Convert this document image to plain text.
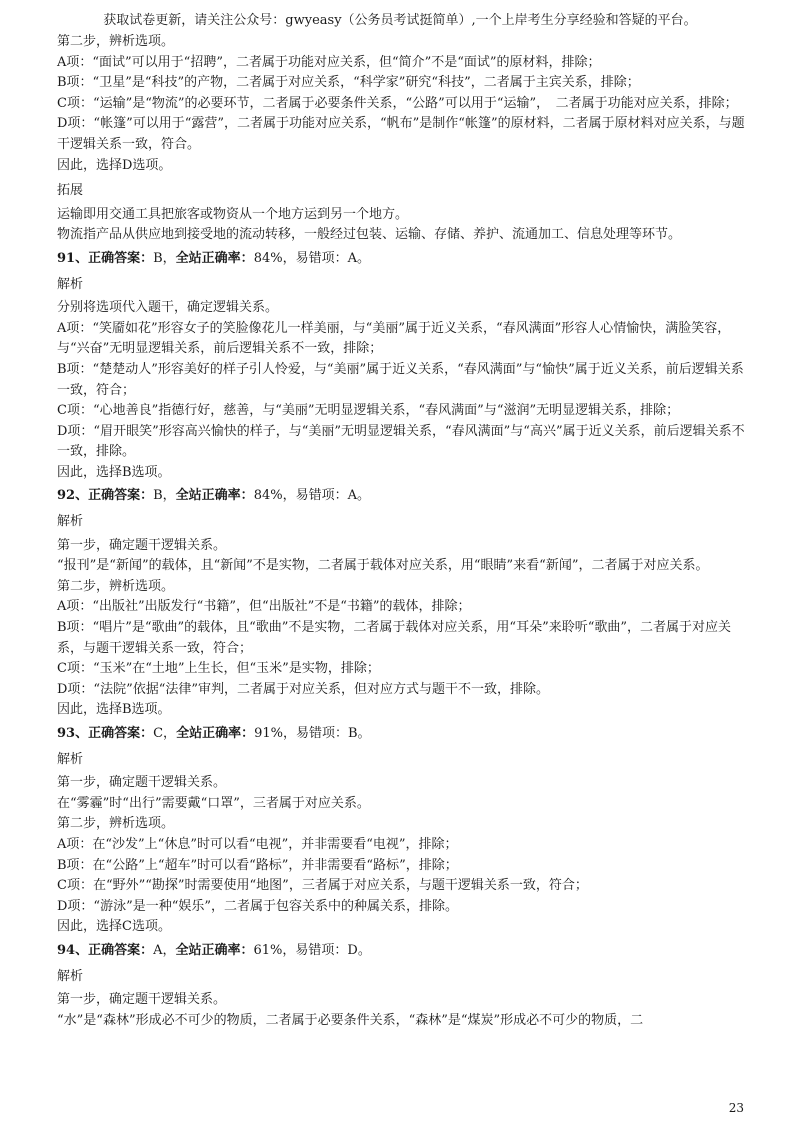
获取试卷更新，请关注公众号：gwyeasy（公务员考试挺简单）,一个上岸考生分享经验和答疑的平台。

第二步，辨析选项。

A项：“面试”可以用于“招聘”，二者属于功能对应关系，但“简介”不是“面试”的原材料，排除；

B项：“卫星”是“科技”的产物，二者属于对应关系，“科学家”研究“科技”，二者属于主宾关系，排除；

C项：“运输”是“物流”的必要环节，二者属于必要条件关系，“公路”可以用于“运输”，　二者属于功能对应关系，排除；

D项：“帐篷”可以用于“露营”，二者属于功能对应关系，“帆布”是制作“帐篷”的原材料，二者属于原材料对应关系，与题干逻辑关系一致，符合。

因此，选择D选项。

拓展

运输即用交通工具把旅客或物资从一个地方运到另一个地方。

物流指产品从供应地到接受地的流动转移，一般经过包装、运输、存储、养护、流通加工、信息处理等环节。

91、正确答案：B，全站正确率：84%，易错项：A。

解析

分别将选项代入题干，确定逻辑关系。

A项：“笑靥如花”形容女子的笑脸像花儿一样美丽，与“美丽”属于近义关系，“春风满面”形容人心情愉快，满脸笑容，与“兴奋”无明显逻辑关系，前后逻辑关系不一致，排除；

B项：“楚楚动人”形容美好的样子引人怜爱，与“美丽”属于近义关系，“春风满面”与“愉快”属于近义关系，前后逻辑关系一致，符合；

C项：“心地善良”指德行好，慈善，与“美丽”无明显逻辑关系，“春风满面”与“滋润”无明显逻辑关系，排除；

D项：“眉开眼笑”形容高兴愉快的样子，与“美丽”无明显逻辑关系，“春风满面”与“高兴”属于近义关系，前后逻辑关系不一致，排除。

因此，选择B选项。

92、正确答案：B，全站正确率：84%，易错项：A。

解析

第一步，确定题干逻辑关系。

“报刊”是“新闻”的载体，且“新闻”不是实物，二者属于载体对应关系，用“眼睛”来看“新闻”，二者属于对应关系。

第二步，辨析选项。

A项：“出版社”出版发行“书籍”，但“出版社”不是“书籍”的载体，排除；

B项：“唱片”是“歌曲”的载体，且“歌曲”不是实物，二者属于载体对应关系，用“耳朵”来聆听“歌曲”，二者属于对应关系，与题干逻辑关系一致，符合；

C项：“玉米”在“土地”上生长，但“玉米”是实物，排除；

D项：“法院”依据“法律”审判，二者属于对应关系，但对应方式与题干不一致，排除。

因此，选择B选项。

93、正确答案：C，全站正确率：91%，易错项：B。

解析

第一步，确定题干逻辑关系。

在“雾霾”时“出行”需要戴“口罩”，三者属于对应关系。

第二步，辨析选项。

A项：在“沙发”上“休息”时可以看“电视”，并非需要看“电视”，排除；

B项：在“公路”上“超车”时可以看“路标”，并非需要看“路标”，排除；

C项：在“野外”“勘探”时需要使用“地图”，三者属于对应关系，与题干逻辑关系一致，符合；

D项：“游泳”是一种“娱乐”，二者属于包容关系中的种属关系，排除。

因此，选择C选项。

94、正确答案：A，全站正确率：61%，易错项：D。

解析

第一步，确定题干逻辑关系。

“水”是“森林”形成必不可少的物质，二者属于必要条件关系，“森林”是“煤炭”形成必不可少的物质，二

23
